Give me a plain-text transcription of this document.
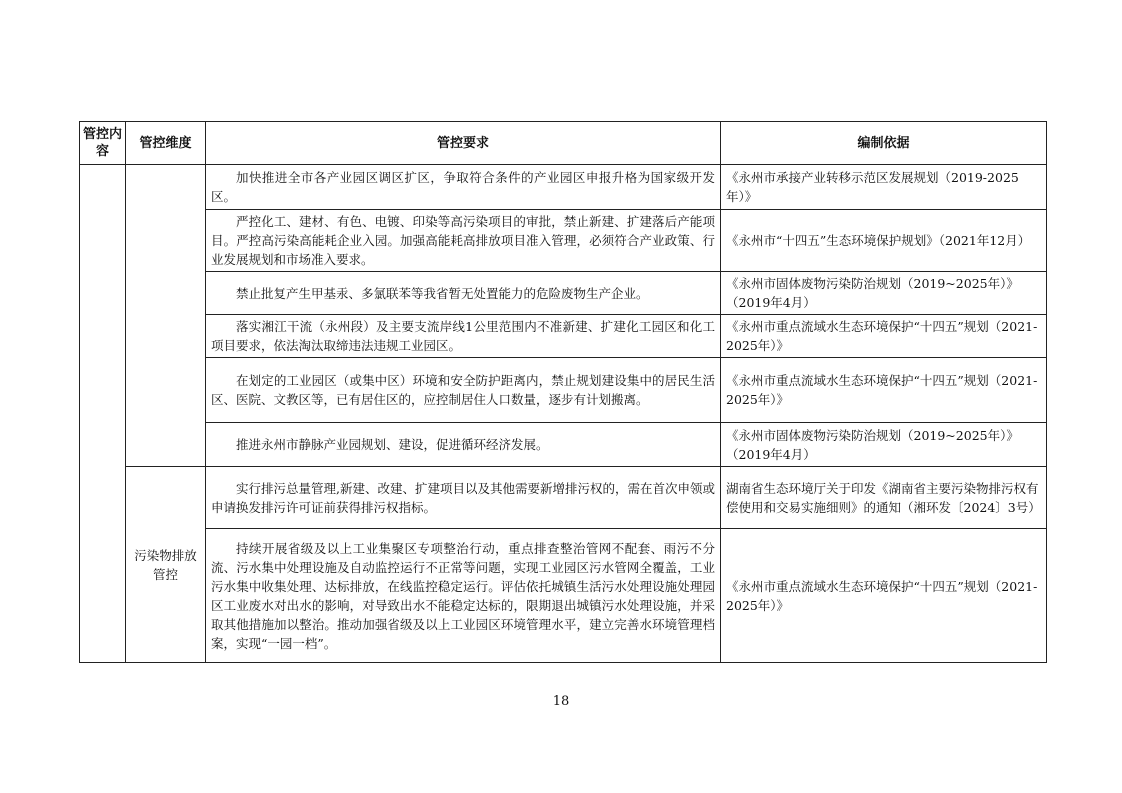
管控内容	管控维度	管控要求	编制依据
		加快推进全市各产业园区调区扩区，争取符合条件的产业园区申报升格为国家级开发区。	《永州市承接产业转移示范区发展规划（2019-2025年）》
		严控化工、建材、有色、电镀、印染等高污染项目的审批，禁止新建、扩建落后产能项目。严控高污染高能耗企业入园。加强高能耗高排放项目准入管理，必须符合产业政策、行业发展规划和市场准入要求。	《永州市“十四五”生态环境保护规划》（2021年12月）
		禁止批复产生甲基汞、多氯联苯等我省暂无处置能力的危险废物生产企业。	《永州市固体废物污染防治规划（2019~2025年）》（2019年4月）
		落实湘江干流（永州段）及主要支流岸线1公里范围内不准新建、扩建化工园区和化工项目要求，依法淘汰取缔违法违规工业园区。	《永州市重点流域水生态环境保护“十四五”规划（2021-2025年）》
		在划定的工业园区（或集中区）环境和安全防护距离内，禁止规划建设集中的居民生活区、医院、文教区等，已有居住区的，应控制居住人口数量，逐步有计划搬离。	《永州市重点流域水生态环境保护“十四五”规划（2021-2025年）》
		推进永州市静脉产业园规划、建设，促进循环经济发展。	《永州市固体废物污染防治规划（2019~2025年）》（2019年4月）
	污染物排放管控	实行排污总量管理,新建、改建、扩建项目以及其他需要新增排污权的，需在首次申领或申请换发排污许可证前获得排污权指标。	湖南省生态环境厅关于印发《湖南省主要污染物排污权有偿使用和交易实施细则》的通知（湘环发〔2024〕3号）
		持续开展省级及以上工业集聚区专项整治行动，重点排查整治管网不配套、雨污不分流、污水集中处理设施及自动监控运行不正常等问题，实现工业园区污水管网全覆盖，工业污水集中收集处理、达标排放，在线监控稳定运行。评估依托城镇生活污水处理设施处理园区工业废水对出水的影响，对导致出水不能稳定达标的，限期退出城镇污水处理设施，并采取其他措施加以整治。推动加强省级及以上工业园区环境管理水平，建立完善水环境管理档案，实现“一园一档”。	《永州市重点流域水生态环境保护“十四五”规划（2021-2025年）》
18
